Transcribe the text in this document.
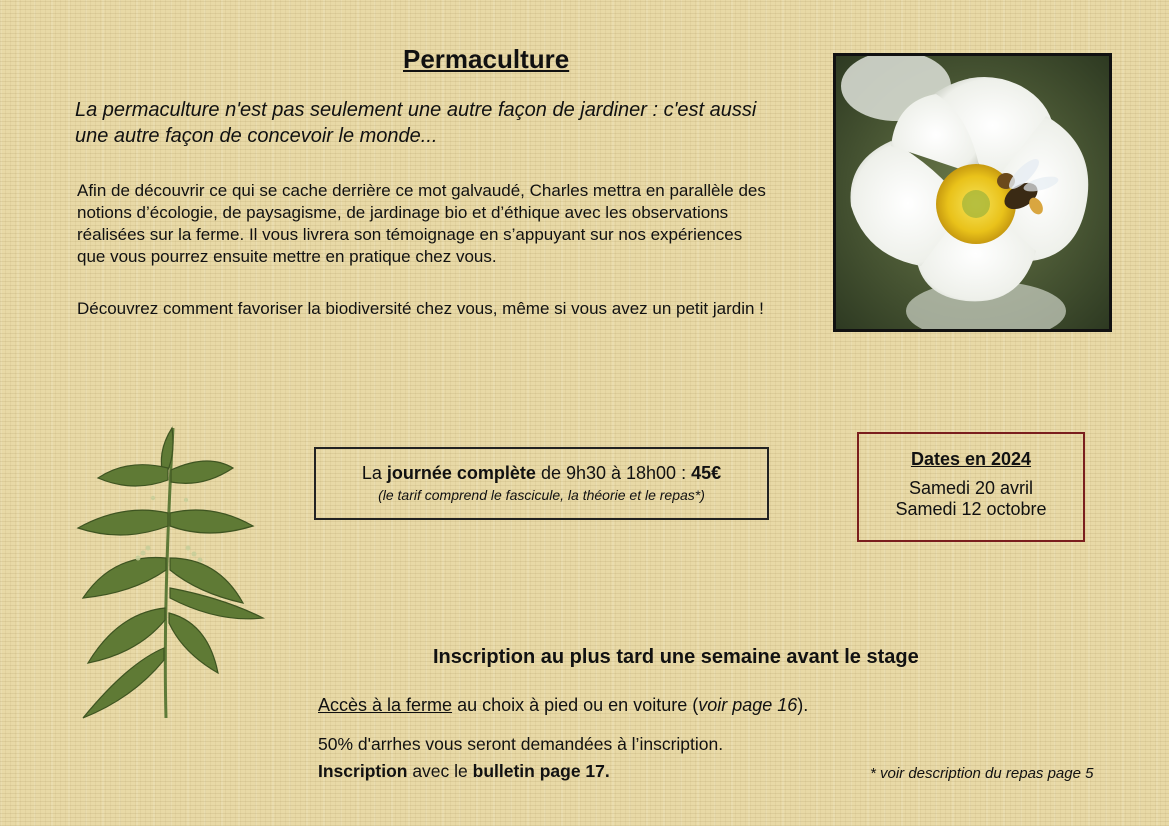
Permaculture

La permaculture n'est pas seulement une autre façon de jardiner : c'est aussi une autre façon de concevoir le monde...

Afin de découvrir ce qui se cache derrière ce mot galvaudé, Charles mettra en parallèle des notions d’écologie, de paysagisme, de jardinage bio et d’éthique avec les observations réalisées sur la ferme. Il vous livrera son témoignage en s’appuyant sur nos expériences que vous pourrez ensuite mettre en pratique chez vous.

Découvrez comment favoriser la biodiversité chez vous, même si vous avez un petit jardin !

La journée complète de 9h30 à 18h00 : 45€

(le tarif comprend le fascicule, la théorie et le repas*)

Dates en 2024

Samedi 20 avril

Samedi 12 octobre

Inscription au plus tard une semaine avant le stage

Accès à la ferme au choix à pied ou en voiture (voir page 16).

50% d'arrhes vous seront demandées à l’inscription.

Inscription avec le bulletin page 17.	* voir description du repas page 5
